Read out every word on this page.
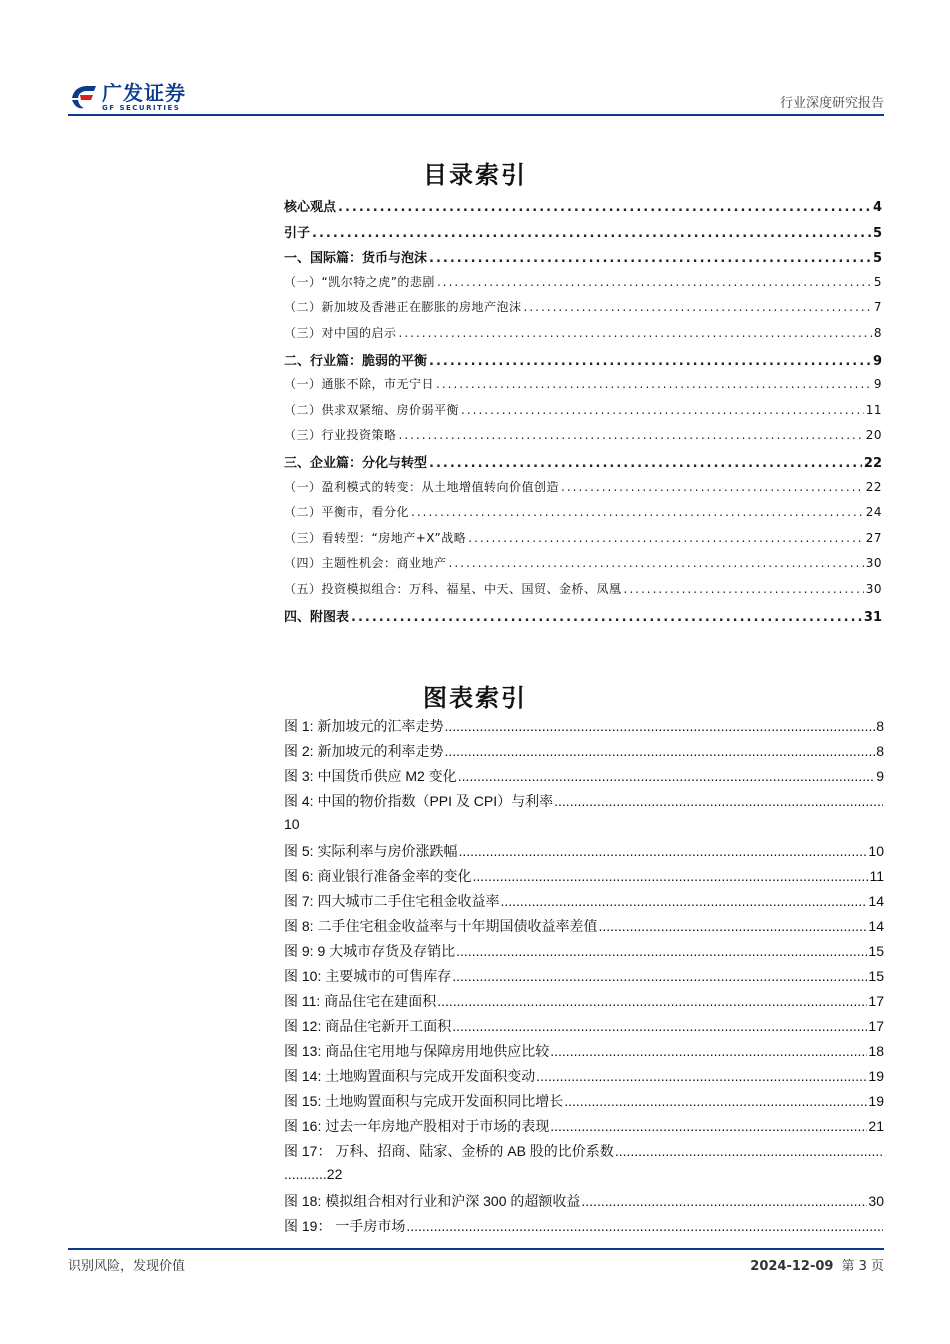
广发证券
GF SECURITIES	行业深度研究报告
目录索引
核心观点 .....	4
引子 .....	5
一、国际篇：货币与泡沫 .....	5
（一）“凯尔特之虎”的悲剧 .....	5
（二）新加坡及香港正在膨胀的房地产泡沫 .....	7
（三）对中国的启示 .....	8
二、行业篇：脆弱的平衡 .....	9
（一）通胀不除，市无宁日 .....	9
（二）供求双紧缩、房价弱平衡 .....	11
（三）行业投资策略 .....	20
三、企业篇：分化与转型 .....	22
（一）盈利模式的转变：从土地增值转向价值创造 .....	22
（二）平衡市，看分化 .....	24
（三）看转型：“房地产+X”战略 .....	27
（四）主题性机会：商业地产 .....	30
（五）投资模拟组合：万科、福星、中天、国贸、金桥、凤凰 .....	30
四、附图表 .....	31
图表索引
图 1: 新加坡元的汇率走势 .....	8
图 2: 新加坡元的利率走势 .....	8
图 3: 中国货币供应 M2 变化 .....	9
图 4: 中国的物价指数（PPI 及 CPI）与利率
.....
10
图 5: 实际利率与房价涨跌幅 .....	10
图 6: 商业银行准备金率的变化 .....	11
图 7: 四大城市二手住宅租金收益率 .....	14
图 8: 二手住宅租金收益率与十年期国债收益率差值 .....	14
图 9: 9 大城市存货及存销比 .....	15
图 10: 主要城市的可售库存 .....	15
图 11: 商品住宅在建面积 .....	17
图 12: 商品住宅新开工面积 .....	17
图 13: 商品住宅用地与保障房用地供应比较 .....	18
图 14: 土地购置面积与完成开发面积变动 .....	19
图 15: 土地购置面积与完成开发面积同比增长 .....	19
图 16: 过去一年房地产股相对于市场的表现 .....	21
图 17： 万科、招商、陆家、金桥的 AB 股的比价系数
.....
...........22
图 18: 模拟组合相对行业和沪深 300 的超额收益 .....	30
图 19： 一手房市场
.....
识别风险，发现价值	2024-12-09 第 3 页
